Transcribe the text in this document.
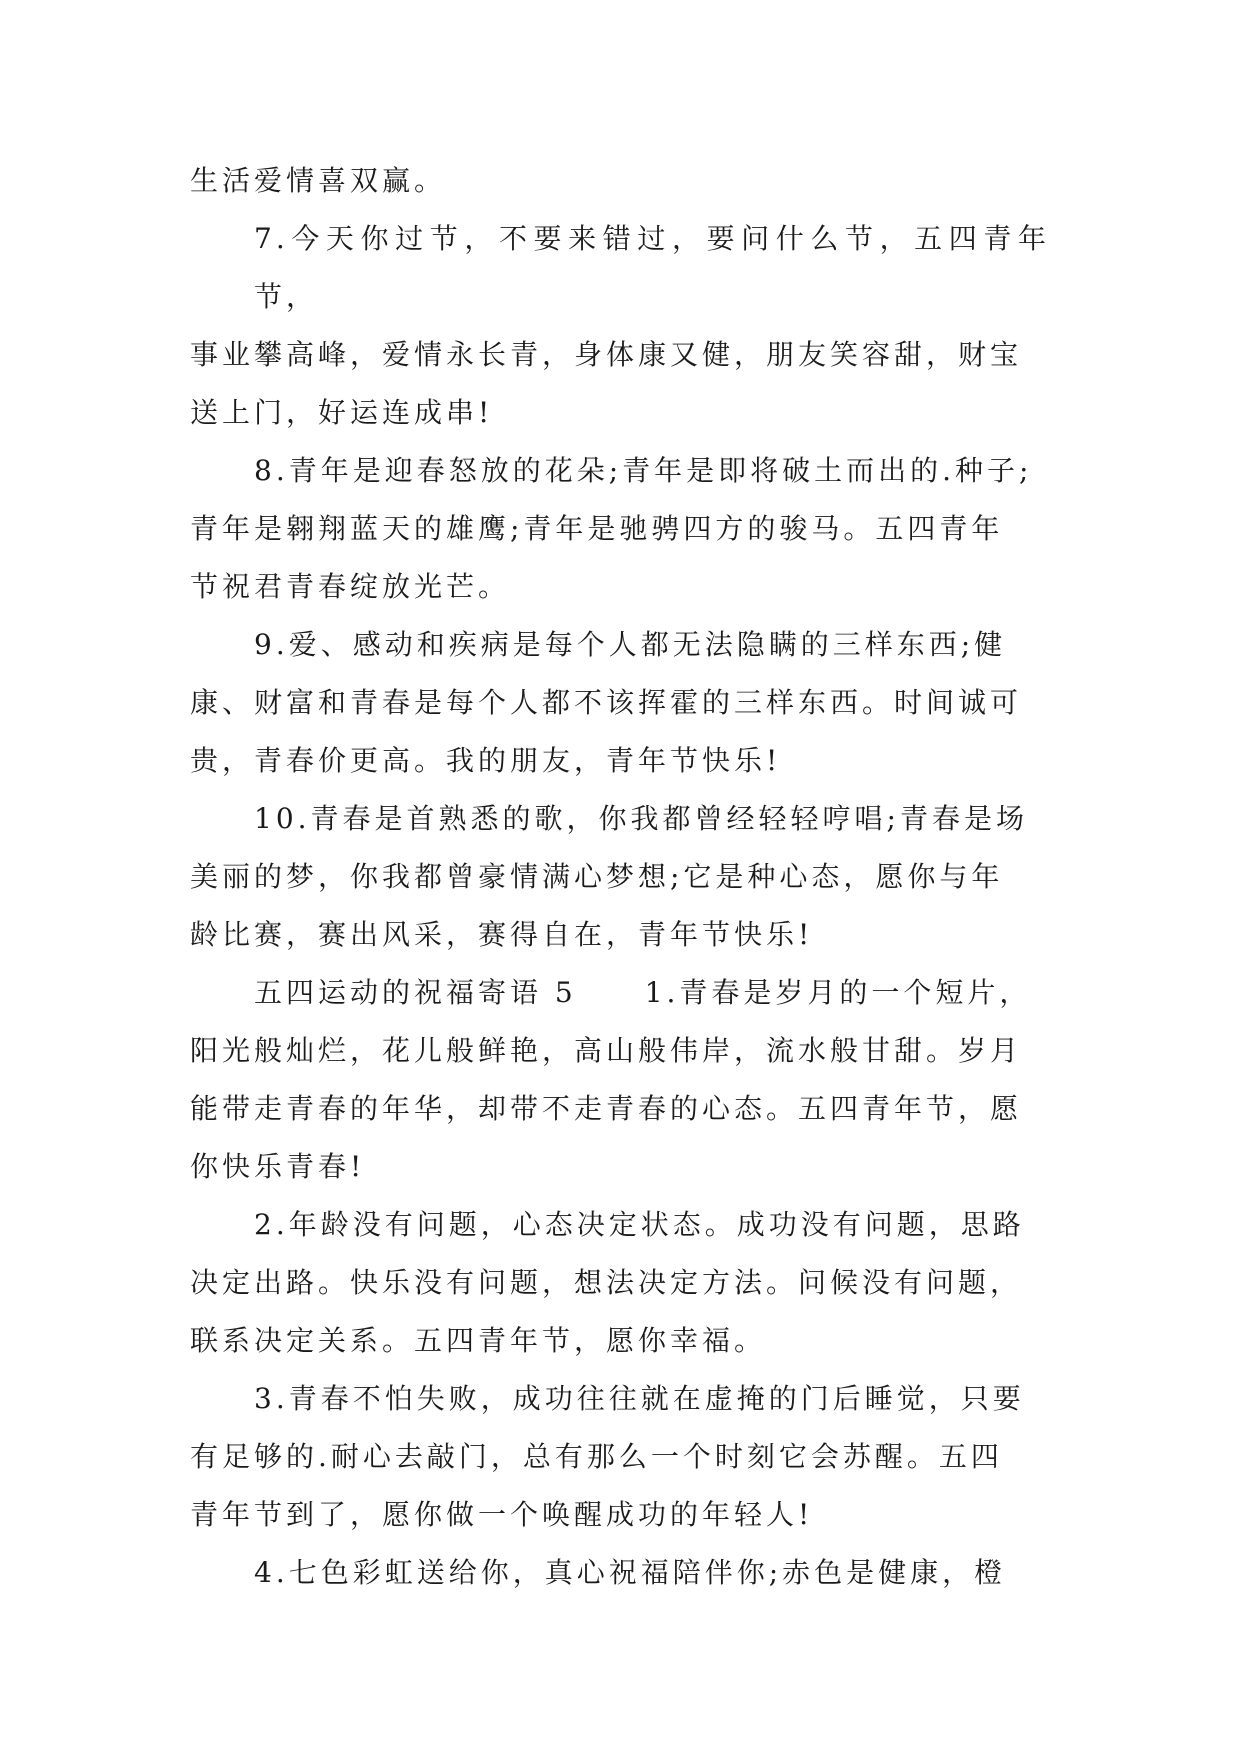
生活爱情喜双赢。
7.今天你过节，不要来错过，要问什么节，五四青年节，
事业攀高峰，爱情永长青，身体康又健，朋友笑容甜，财宝
送上门，好运连成串!
8.青年是迎春怒放的花朵;青年是即将破土而出的.种子;
青年是翱翔蓝天的雄鹰;青年是驰骋四方的骏马。五四青年
节祝君青春绽放光芒。
9.爱、感动和疾病是每个人都无法隐瞒的三样东西;健
康、财富和青春是每个人都不该挥霍的三样东西。时间诚可
贵，青春价更高。我的朋友，青年节快乐!
10.青春是首熟悉的歌，你我都曾经轻轻哼唱;青春是场
美丽的梦，你我都曾豪情满心梦想;它是种心态，愿你与年
龄比赛，赛出风采，赛得自在，青年节快乐!
五四运动的祝福寄语 5 1.青春是岁月的一个短片，
阳光般灿烂，花儿般鲜艳，高山般伟岸，流水般甘甜。岁月
能带走青春的年华，却带不走青春的心态。五四青年节，愿
你快乐青春!
2.年龄没有问题，心态决定状态。成功没有问题，思路
决定出路。快乐没有问题，想法决定方法。问候没有问题，
联系决定关系。五四青年节，愿你幸福。
3.青春不怕失败，成功往往就在虚掩的门后睡觉，只要
有足够的.耐心去敲门，总有那么一个时刻它会苏醒。五四
青年节到了，愿你做一个唤醒成功的年轻人!
4.七色彩虹送给你，真心祝福陪伴你;赤色是健康，橙
